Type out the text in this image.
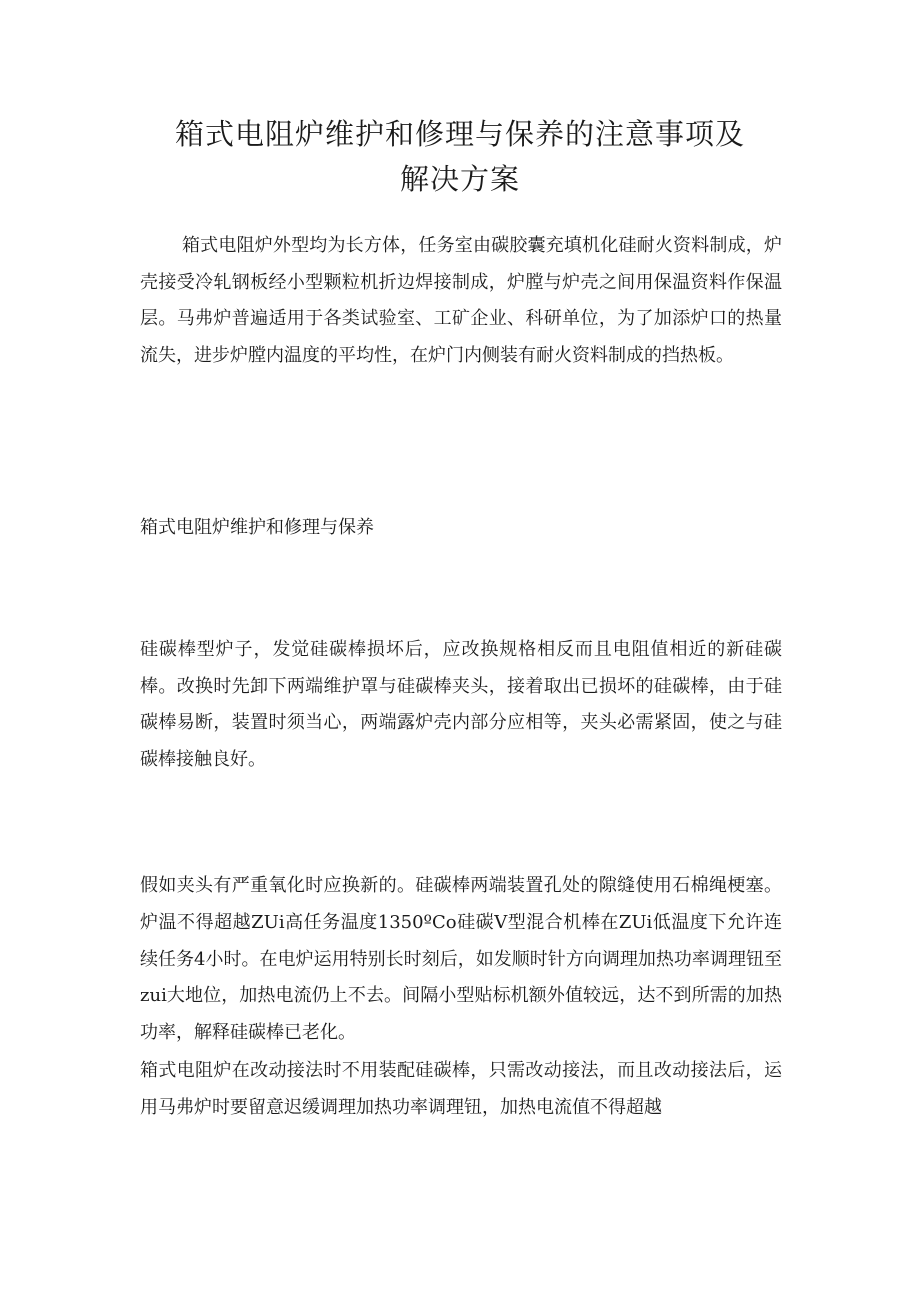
箱式电阻炉维护和修理与保养的注意事项及
解决方案
箱式电阻炉外型均为长方体，任务室由碳胶囊充填机化硅耐火资料制成，炉壳接受冷轧钢板经小型颗粒机折边焊接制成，炉膛与炉壳之间用保温资料作保温层。马弗炉普遍适用于各类试验室、工矿企业、科研单位，为了加添炉口的热量流失，进步炉膛内温度的平均性，在炉门内侧装有耐火资料制成的挡热板。
箱式电阻炉维护和修理与保养
硅碳棒型炉子，发觉硅碳棒损坏后，应改换规格相反而且电阻值相近的新硅碳棒。改换时先卸下两端维护罩与硅碳棒夹头，接着取出已损坏的硅碳棒，由于硅碳棒易断，装置时须当心，两端露炉壳内部分应相等，夹头必需紧固，使之与硅碳棒接触良好。
假如夹头有严重氧化时应换新的。硅碳棒两端装置孔处的隙缝使用石棉绳梗塞。炉温不得超越ZUi高任务温度1350ºCo硅碳V型混合机棒在ZUi低温度下允许连续任务4小时。在电炉运用特别长时刻后，如发顺时针方向调理加热功率调理钮至zui大地位，加热电流仍上不去。间隔小型贴标机额外值较远，达不到所需的加热功率，解释硅碳棒已老化。
箱式电阻炉在改动接法时不用装配硅碳棒，只需改动接法，而且改动接法后，运用马弗炉时要留意迟缓调理加热功率调理钮，加热电流值不得超越
